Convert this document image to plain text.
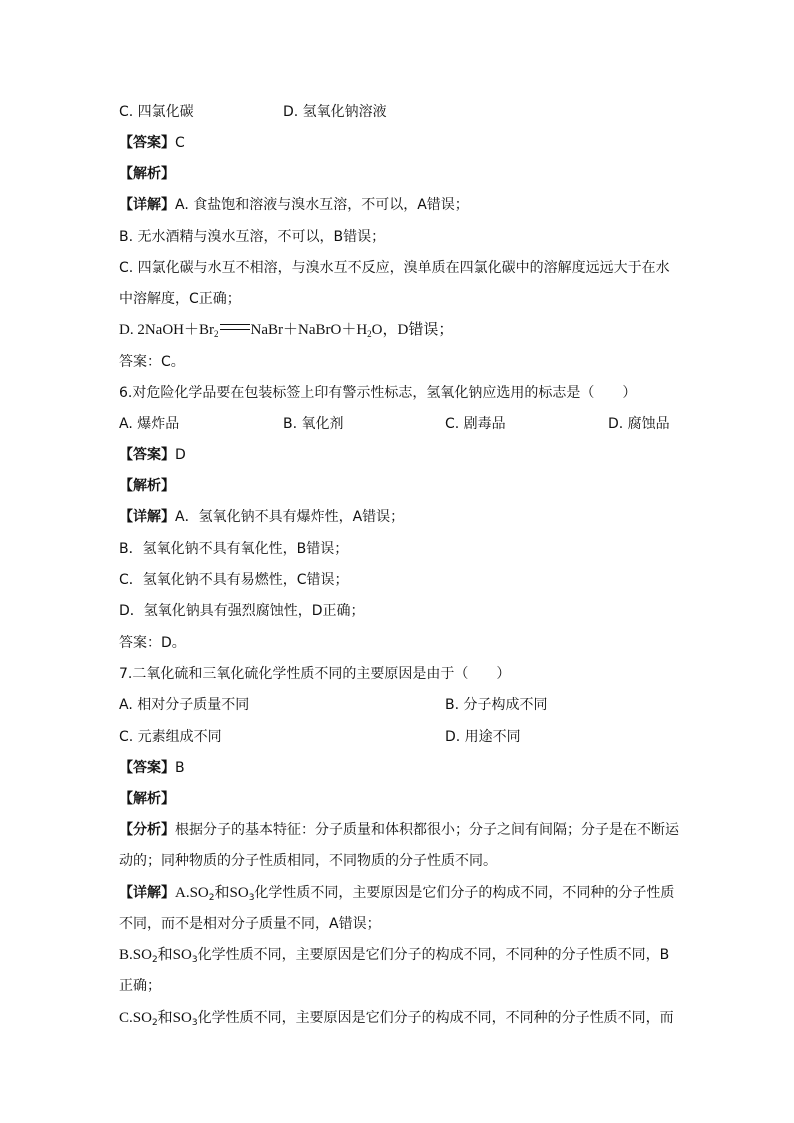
C. 四氯化碳	D. 氢氧化钠溶液
【答案】C
【解析】
【详解】A. 食盐饱和溶液与溴水互溶，不可以，A错误；
B. 无水酒精与溴水互溶，不可以，B错误；
C. 四氯化碳与水互不相溶，与溴水互不反应，溴单质在四氯化碳中的溶解度远远大于在水
中溶解度，C正确；
D. $2NaOH+Br_2$ $NaBr+NaBrO+H_2O$，D错误；
答案：C。
6.对危险化学品要在包装标签上印有警示性标志，氢氧化钠应选用的标志是（　　）
A. 爆炸品	B. 氧化剂	C. 剧毒品	D. 腐蚀品
【答案】D
【解析】
【详解】A．氢氧化钠不具有爆炸性，A错误；
B．氢氧化钠不具有氧化性，B错误；
C．氢氧化钠不具有易燃性，C错误；
D．氢氧化钠具有强烈腐蚀性，D正确；
答案：D。
7.二氧化硫和三氧化硫化学性质不同的主要原因是由于（　　）
A. 相对分子质量不同	B. 分子构成不同
C. 元素组成不同	D. 用途不同
【答案】B
【解析】
【分析】根据分子的基本特征：分子质量和体积都很小；分子之间有间隔；分子是在不断运
动的；同种物质的分子性质相同，不同物质的分子性质不同。
【详解】$A.SO_2$和$SO_3$化学性质不同，主要原因是它们分子的构成不同，不同种的分子性质
不同，而不是相对分子质量不同，A错误；
$B.SO_2$和$SO_3$化学性质不同，主要原因是它们分子的构成不同，不同种的分子性质不同，B
正确；
$C.SO_2$和$SO_3$化学性质不同，主要原因是它们分子的构成不同，不同种的分子性质不同，而
